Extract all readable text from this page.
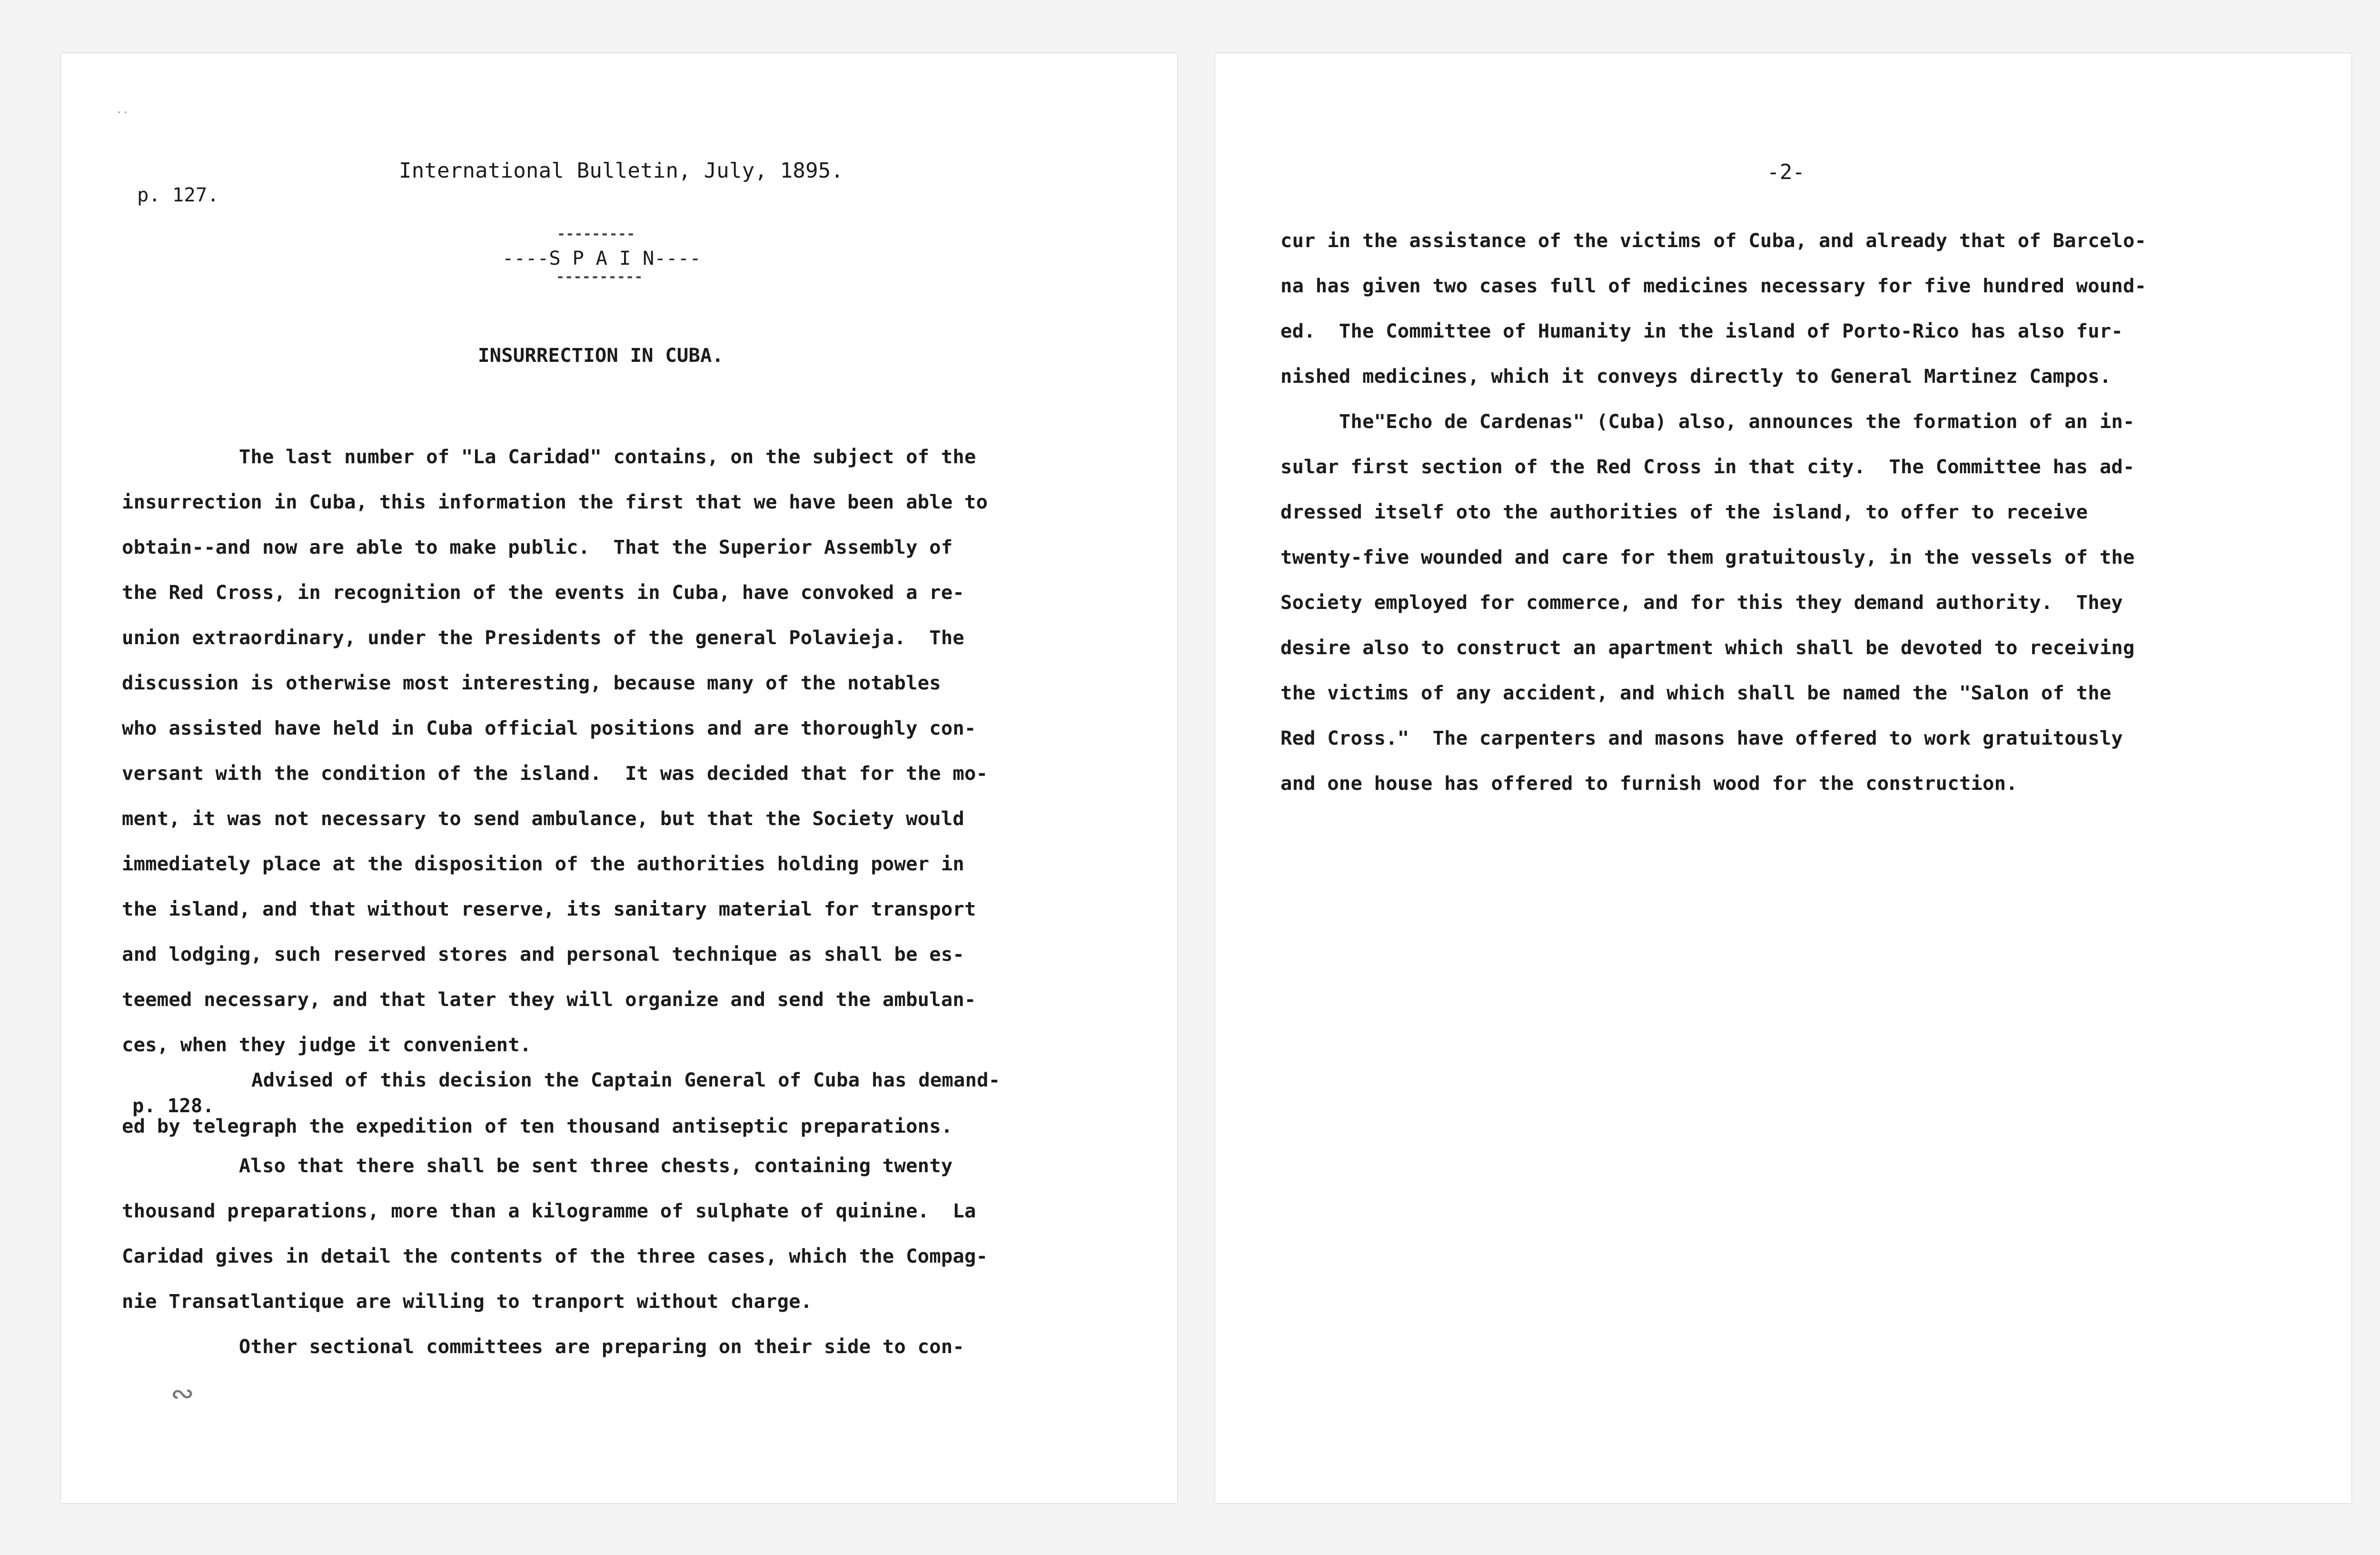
· ·

International Bulletin, July, 1895.

p. 127.

---------

----S P A I N----

----------

INSURRECTION IN CUBA.

The last number of "La Caridad" contains, on the subject of the
insurrection in Cuba, this information the first that we have been able to
obtain--and now are able to make public.  That the Superior Assembly of
the Red Cross, in recognition of the events in Cuba, have convoked a re-
union extraordinary, under the Presidents of the general Polavieja.  The
discussion is otherwise most interesting, because many of the notables
who assisted have held in Cuba official positions and are thoroughly con-
versant with the condition of the island.  It was decided that for the mo-
ment, it was not necessary to send ambulance, but that the Society would
immediately place at the disposition of the authorities holding power in
the island, and that without reserve, its sanitary material for transport
and lodging, such reserved stores and personal technique as shall be es-
teemed necessary, and that later they will organize and send the ambulan-
ces, when they judge it convenient.

Advised of this decision the Captain General of Cuba has demand-

p. 128.

ed by telegraph the expedition of ten thousand antiseptic preparations.

Also that there shall be sent three chests, containing twenty
thousand preparations, more than a kilogramme of sulphate of quinine.  La
Caridad gives in detail the contents of the three cases, which the Compag-
nie Transatlantique are willing to tranport without charge.
Other sectional committees are preparing on their side to con-

∾

-2-

cur in the assistance of the victims of Cuba, and already that of Barcelo-
na has given two cases full of medicines necessary for five hundred wound-
ed.  The Committee of Humanity in the island of Porto-Rico has also fur-
nished medicines, which it conveys directly to General Martinez Campos.
The"Echo de Cardenas" (Cuba) also, announces the formation of an in-
sular first section of the Red Cross in that city.  The Committee has ad-
dressed itself oto the authorities of the island, to offer to receive
twenty-five wounded and care for them gratuitously, in the vessels of the
Society employed for commerce, and for this they demand authority.  They
desire also to construct an apartment which shall be devoted to receiving
the victims of any accident, and which shall be named the "Salon of the
Red Cross."  The carpenters and masons have offered to work gratuitously
and one house has offered to furnish wood for the construction.
